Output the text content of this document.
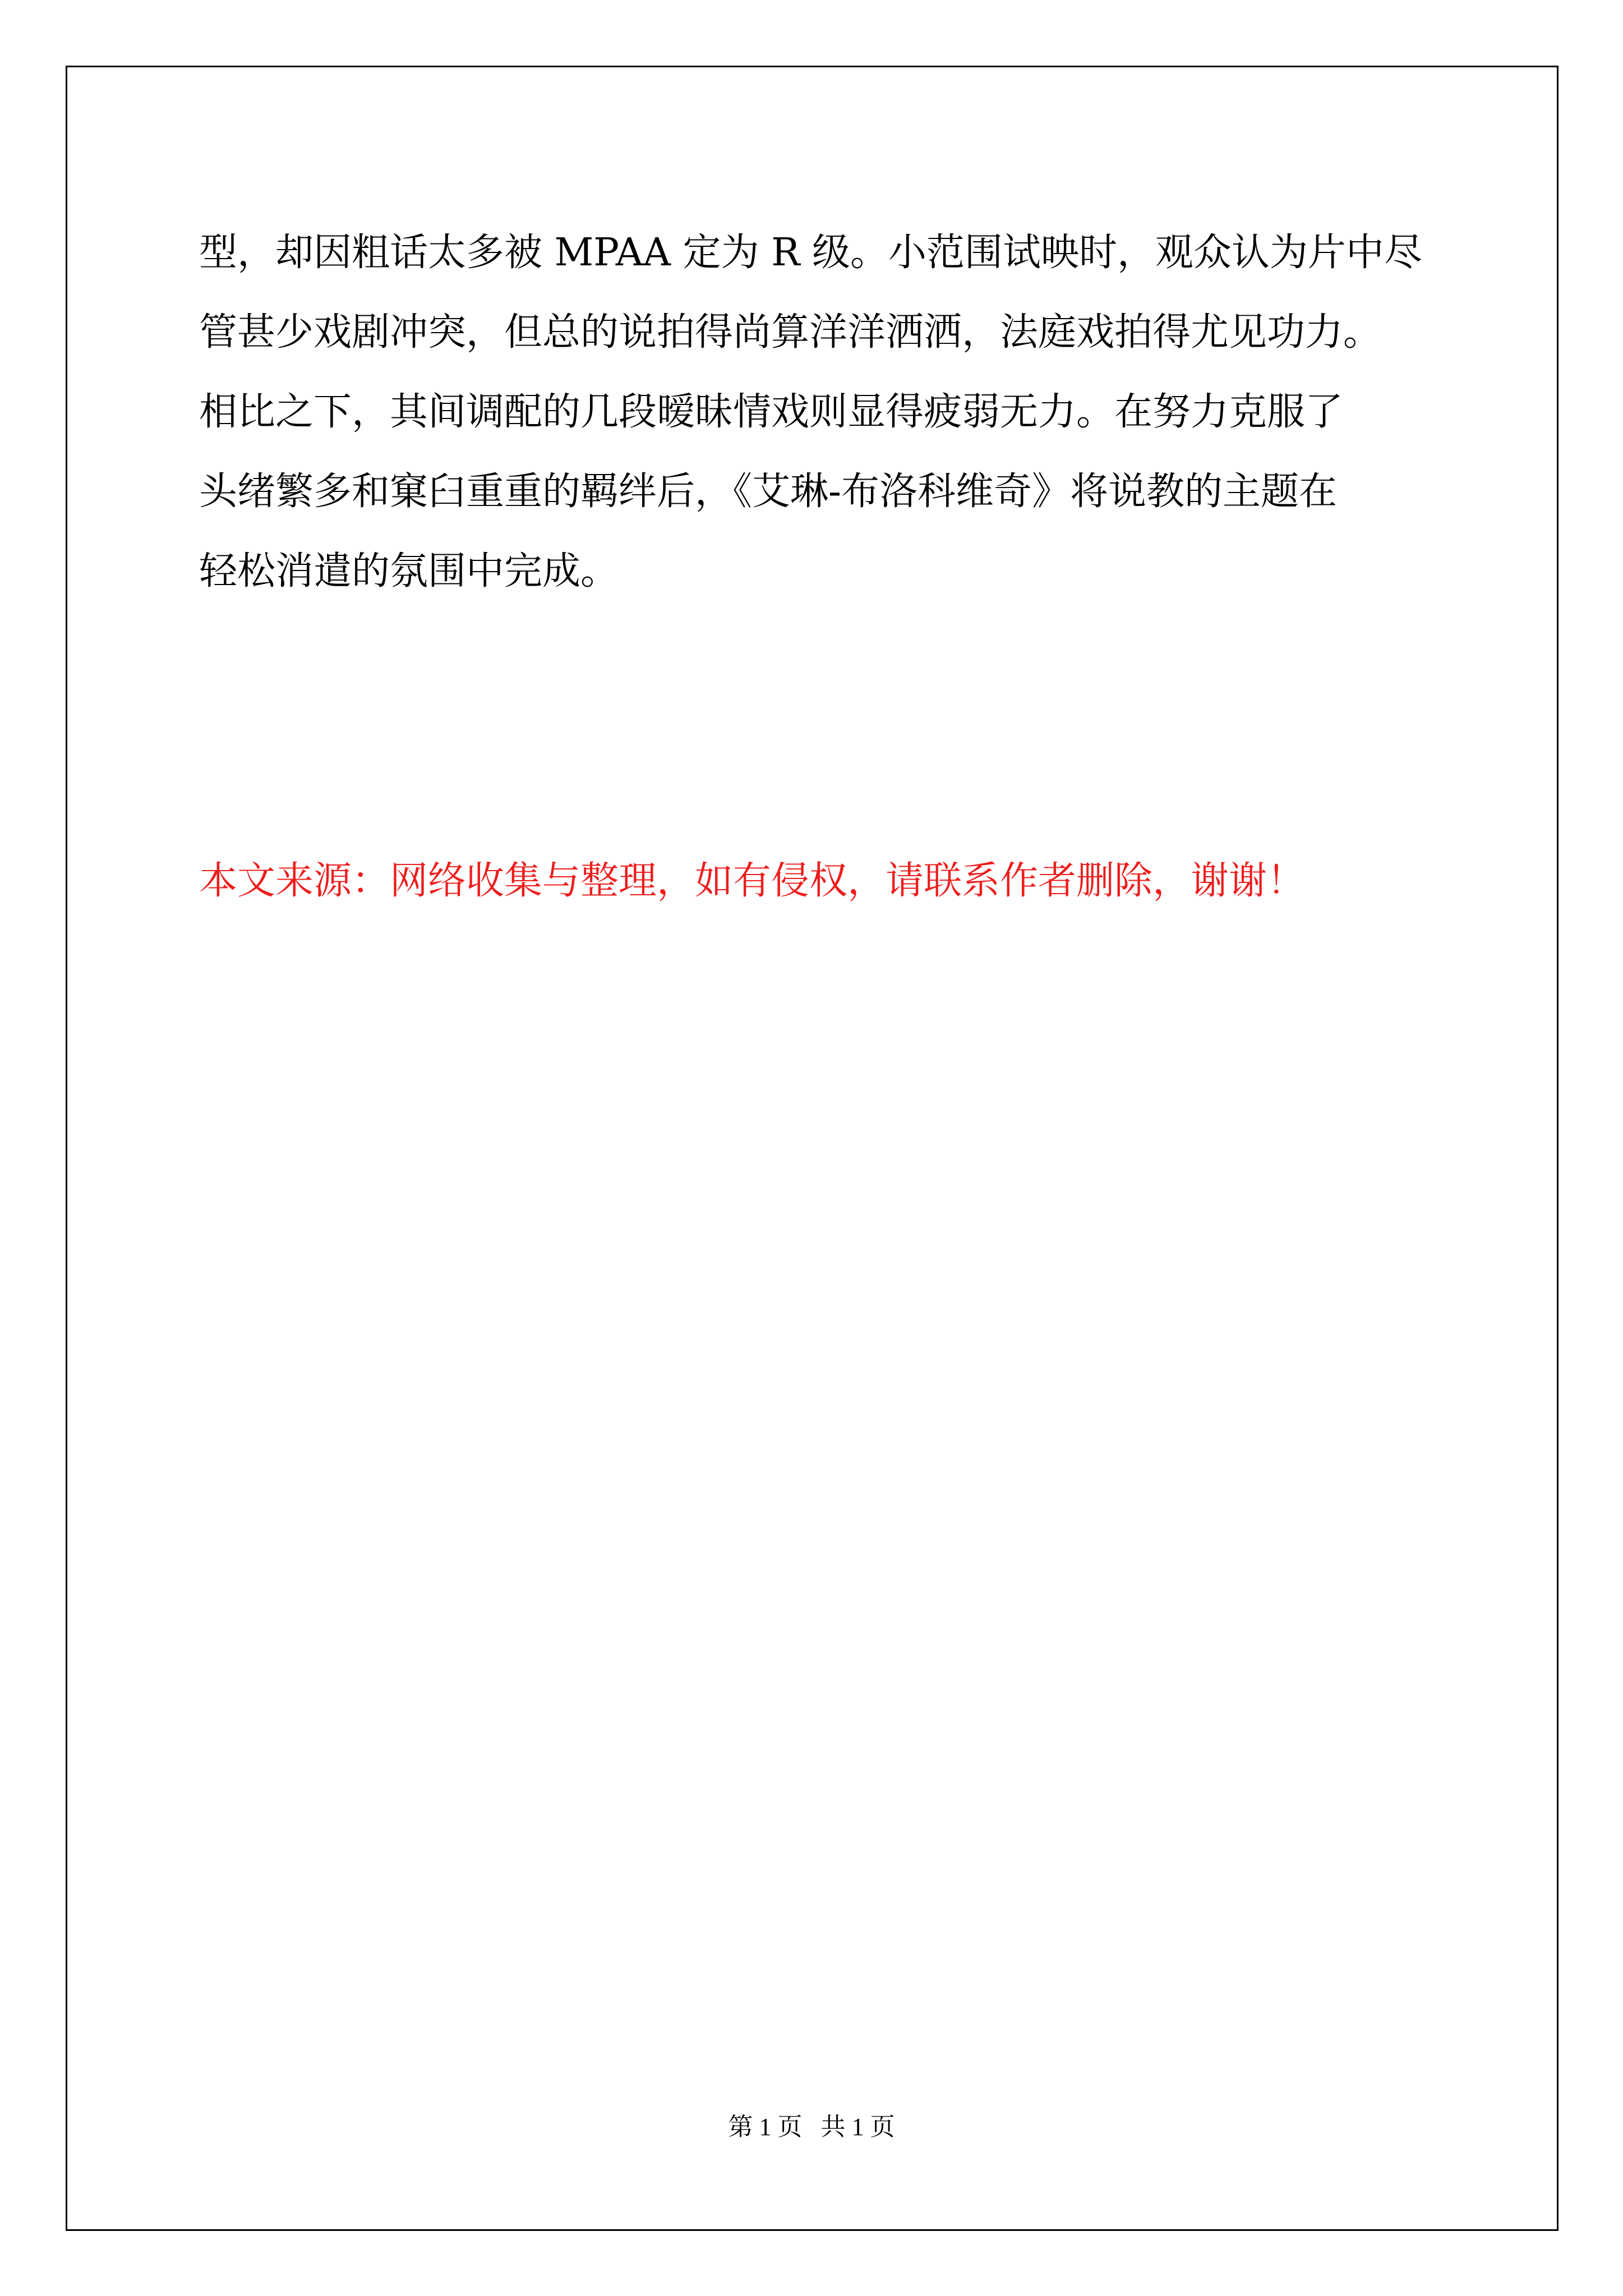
型，却因粗话太多被 MPAA 定为 R 级。小范围试映时，观众认为片中尽
管甚少戏剧冲突，但总的说拍得尚算洋洋洒洒，法庭戏拍得尤见功力。
相比之下，其间调配的几段暧昧情戏则显得疲弱无力。在努力克服了
头绪繁多和窠臼重重的羁绊后，《艾琳-布洛科维奇》将说教的主题在
轻松消遣的氛围中完成。

本文来源：网络收集与整理，如有侵权，请联系作者删除，谢谢！

第 1 页   共 1 页
